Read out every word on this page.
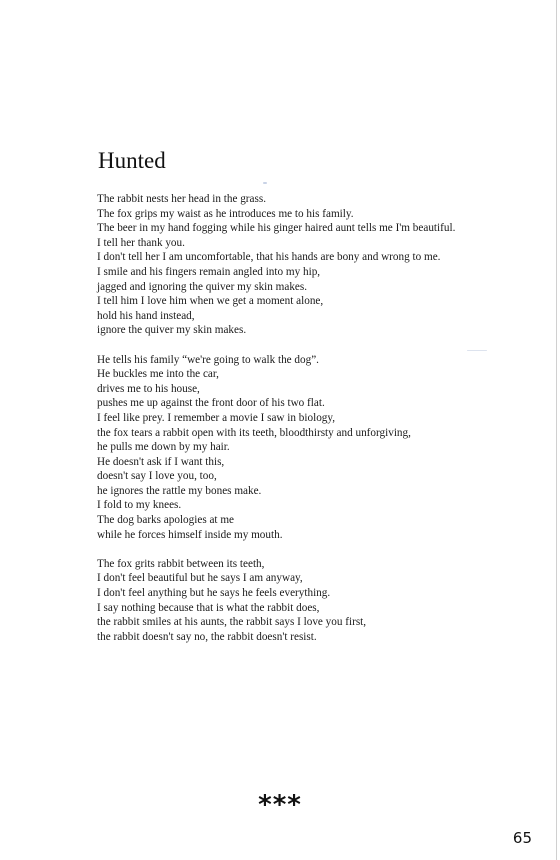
Hunted
The rabbit nests her head in the grass.
The fox grips my waist as he introduces me to his family.
The beer in my hand fogging while his ginger haired aunt tells me I'm beautiful.
I tell her thank you.
I don't tell her I am uncomfortable, that his hands are bony and wrong to me.
I smile and his fingers remain angled into my hip,
jagged and ignoring the quiver my skin makes.
I tell him I love him when we get a moment alone,
hold his hand instead,
ignore the quiver my skin makes.
He tells his family “we're going to walk the dog”.
He buckles me into the car,
drives me to his house,
pushes me up against the front door of his two flat.
I feel like prey. I remember a movie I saw in biology,
the fox tears a rabbit open with its teeth, bloodthirsty and unforgiving,
he pulls me down by my hair.
He doesn't ask if I want this,
doesn't say I love you, too,
he ignores the rattle my bones make.
I fold to my knees.
The dog barks apologies at me
while he forces himself inside my mouth.
The fox grits rabbit between its teeth,
I don't feel beautiful but he says I am anyway,
I don't feel anything but he says he feels everything.
I say nothing because that is what the rabbit does,
the rabbit smiles at his aunts, the rabbit says I love you first,
the rabbit doesn't say no, the rabbit doesn't resist.
***
65
